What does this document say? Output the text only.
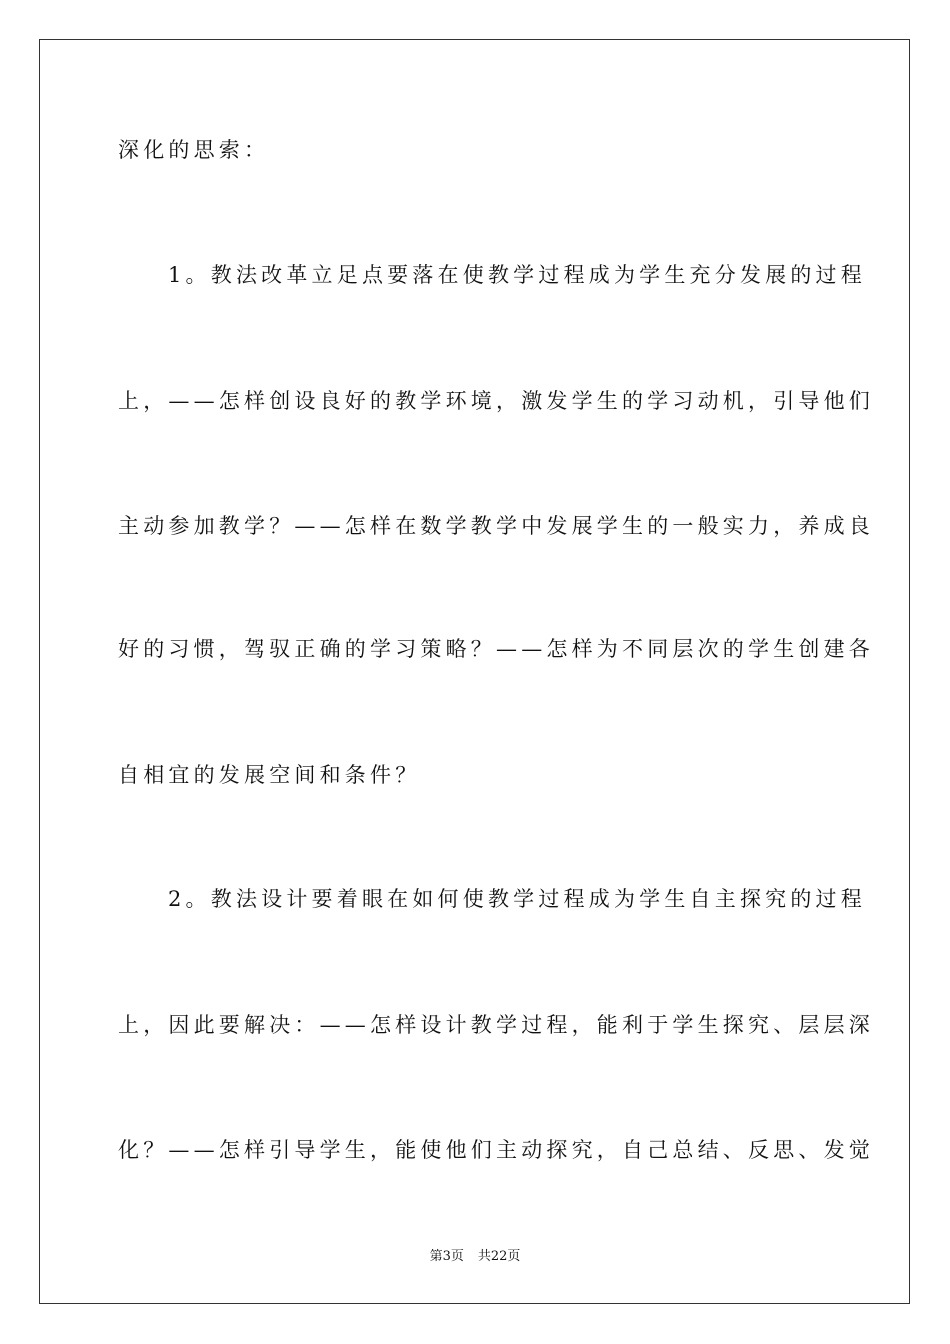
深化的思索：
1。教法改革立足点要落在使教学过程成为学生充分发展的过程
上，——怎样创设良好的教学环境，激发学生的学习动机，引导他们
主动参加教学？——怎样在数学教学中发展学生的一般实力，养成良
好的习惯，驾驭正确的学习策略？——怎样为不同层次的学生创建各
自相宜的发展空间和条件？
2。教法设计要着眼在如何使教学过程成为学生自主探究的过程
上，因此要解决：——怎样设计教学过程，能利于学生探究、层层深
化？——怎样引导学生，能使他们主动探究，自己总结、反思、发觉
第3页 共22页
